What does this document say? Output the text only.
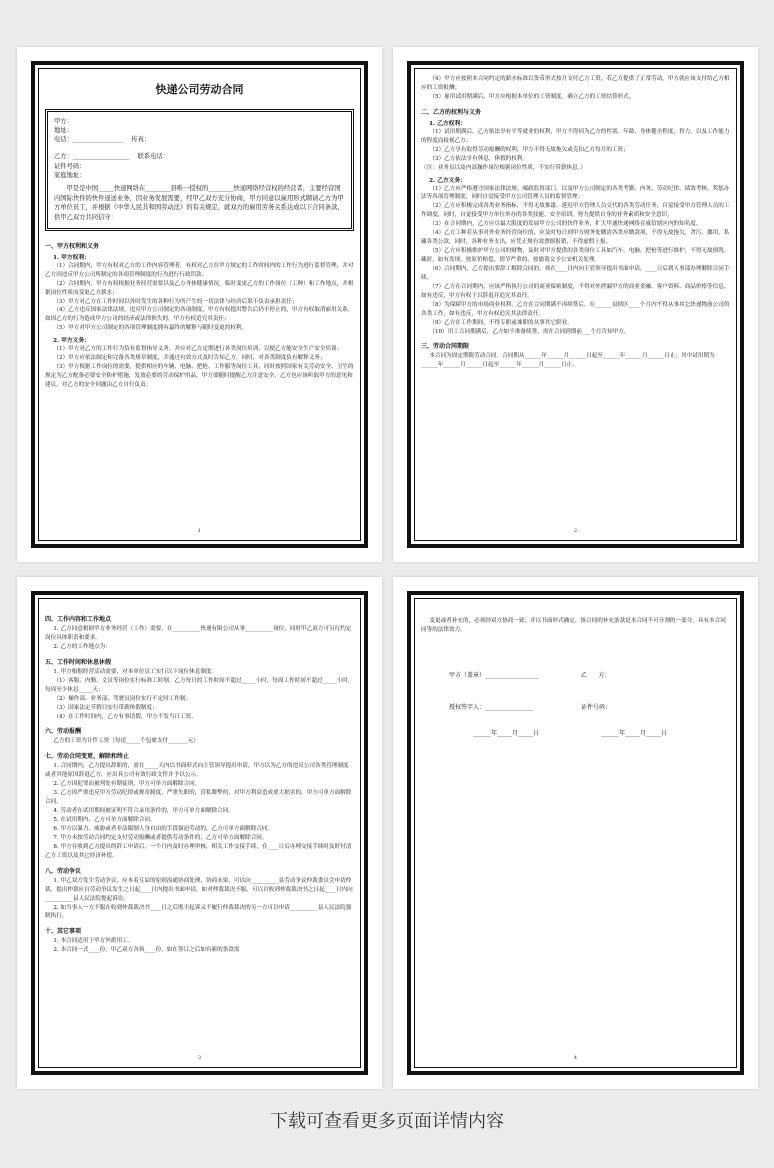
快递公司劳动合同
甲方：
地址：
电话：________________    传真：
乙方：__________________    联系电话：
证件号码：
家庭地址：
甲是是中国_____快递网络在________县唯一授权的________快递网络经营权的经营者，主要经营国内国际快件的快件递送业务，因业务发展需要，经甲乙双方充分协商，甲方同意以雇用形式聘请乙方为甲方单位员工，并根据《中华人民共和国劳动法》的有关规定，就双方的雇用劳务关系达成以下合同条款，供甲乙双方共同信守：
一、甲方权利和义务
1. 甲方权利：

（1）合同期内，甲方有权对乙方的工作内容管理者，有权对乙方在甲方规定的工作时间内的工作行为进行监督管理，并对乙方因违反甲方公司所制定的各项管理制度的行为进行行政罚款；

（2）合同期内，甲方有权根据业务经营需要以及乙方身体健康情况，临时变更乙方的工作岗位（工种）和工作地点，并根据岗位性质而变更乙方薪水；

（3）甲方对乙方在工作时间以外时发生的各种行为所产生的一切法律与经济后果不负责承担责任；

（4）乙方违反国家法律法规，违反甲方公司制定的各项制度，甲方有权提出警告后仍不停止的，甲方有权取消雇用关系，如因乙方的行为造成甲方公司的经济或法律损失的，甲方有权追究其责任；

（5）甲方对甲方公司制定的各项管理制度拥有最终的解释与随时变更的权利。

2. 甲方义务：

（1）甲方对乙方的工作行为负有监督指导义务，并应对乙方定期进行各类岗位培训，以便乙方能安全生产安全培训；

（2）甲方应依法制定和完备各类规章制度，并通过有效方式及时告知乙方，同时，对各类制度负有解释义务；

（3）甲方根据工作岗位的需要，提供相应的车辆、电脑、把枪、工作服等岗位工具，同时按照国家有关劳动安全、卫生的规定为乙方配备必要安全防护措施，发放必要的劳动保护用品，甲方要随时提醒乙方注意安全，乙方也应该听取甲方的意见和建议，对乙方的安全问题由乙方自行负责；

1

（4）甲方应按照本合同约定的薪水标准以货币形式按月支付乙方工资，若乙方提供了正常劳动，甲方就应该支付给乙方相应的工资报酬；

（5）雇用试用期满后，甲方应根据本单位的工资制度，确立乙方的工资结算形式。

二、乙方的权利与义务
1. 乙方权利：

（1）试用期满后，乙方依法享有平等就业的权利，甲方不得因为乙方的性别、年龄、身体健全程度、智力，以及工作能力的程度而歧视乙方；

（2）乙方享有取得劳动报酬的权利，甲方不得无故拖欠或克扣乙方每月的工资；

（3）乙方依法享有休息，休假的权利。

（注：业务员以及内部操作岗位根据岗位性质，不实行带薪休息。）

2. 乙方义务：

（1）乙方应严格遵守国家法律法规、邮政监督部门，以及甲方公司制定的各类考勤、内务、劳动纪律、绩效考核、奖惩办法等各项管理制度，同时自觉接受甲方公司管理人员的监督管理；

（2）乙方应积极完成各类业务指标，不得无故推诿、延迟甲方管理人员交代的各类劳动任务，自觉接受甲方管理人员的工作调度，同时，自觉接受甲方单位举办的各类技能、安全培训，努力提供自身的业务素质和安全意识。

（3）在合同期内，乙方应尽最大限度的发展甲方公司的快件业务，扩大甲通快递网络在威信辖区内的知名度。

（4）乙方工种若从事对外业务经营岗位的，应及时每日到甲方财务处缴清各类应缴款项，不得无故拖欠，贪污，挪用，私藏各类公款，同时，各种业务支出，应凭正规有效票据报销，不得虚假上报。

（5）乙方应积极维护甲方公司的财物，及时对甲方提供的各类岗位工具如汽车、电脑、把枪等进行维护，不得无故损毁，藏匿，如有发现，按原价赔偿，情节严重的，按偷盗交予公安机关处理。

（6）合同期内，乙方提出要辞工解除合同的，须在____日内向主管领导提出书面申请，____日后到人事部办理解除合同手续。

（7）乙方在合同期内，应该严格执行公司的商业保密制度，不得对外泄漏甲方的商业金融、客户资料、商品价格等信息，如有违反，甲方有权于以辞退并追究其责任。

（8）为保障甲方的市场商业权利，乙方在合同期满不再续签后，在______县辖区____个月内不得从事其它快递物流公司的各类工作，如有违反，甲方有权追究其法律责任。

（9）乙方在工作期间，不得专职或兼职的从事其它职业。

（10）用工合同期满后，乙方如不准备续签，需在合同到期前___个月告知甲方。

三、劳动合同期限

本合同为固定期限劳动合同。合同期从______年______月______日起至______年______月______日止；其中试用期为______年______月______日起至______年______月______日止。

2
四、工作内容和工作地点

1. 乙方同意根据甲方业务经营（工作）需要，在__________快递有限公司从事__________岗位，同时甲乙双方可另行约定岗位具体职责和要求。

2. 乙方的工作地点为：

五、工作时间和休息休假

1. 甲方根据经营活动需要，对本单位员工实行以下岗位休息制度：

（1）客服、内勤、文员等岗位实行标准工时制。乙方每日的工作时间不超过_____小时，每周工作时间不超过_____小时，每周至少休息_____天；

（2）操作部、业务部、驾驶员岗位实行不定时工作制；

（3）国家法定节假日实行带薪休假制度；

（4）在工作时间内，乙方有事请假，甲方不发当日工资。

六、劳动报酬

乙方的工资为计件工资（每送_____个包裹支付_______元）

七、劳动合同变更、解除和终止

1. 合同期内，乙方提出辞职的，需在_____天内以书面形式向主管领导提出申请，甲方以为乙方的违反公司各类管理制度或者其他原因辞退乙方，应出具公司有效行政文件并予以公示。

2. 乙方因犯罪而被判处有期徒刑，甲方可单方面解除合同。

3. 乙方因严重违反甲方劳动纪律或规章制度，严重失职的，营私舞弊的，对甲方利益造成重大损害的，甲方可单方面解除合同。

4. 劳动者在试用期间被证明不符合录用条件的，甲方可单方面解除合同。

5. 在试用期内，乙方可单方面解除合同。

6. 甲方以暴力、威胁或者非法限制人身自由的手段强迫劳动的，乙方可单方面解除合同。

7. 甲方未按劳动合同约定支付劳动报酬或者提供劳动条件的，乙方可单方面解除合同。

8. 甲方在收到乙方提出的辞工申请后，一个月内及时办理审核，相关工作交接手续，在____日后办理交接手续时及时付清乙方工资以及其它经济补偿。

八、劳动争议

1. 甲乙双方发生劳动争议，应本着互谅的原则沟通协商处理，协商未果，可以向__________县劳动争议仲裁委员会申请仲裁，提出仲裁应自劳动争议发生之日起____日内提出书面申请。如对仲裁裁决不服，可以自收到仲裁裁决书之日起____日内向__________县人民法院提起诉讼。

2. 如当事人一方不服在收到仲裁裁决书____日之后既不起诉又不履行仲裁裁决的另一方可以申请__________县人民法院强制执行。

十、其它事项

1. 本合同适用于甲方外派用工。

2. 本合同一式____份，甲乙双方各执____份，如在签订之后如有新的条款需

3

变更或者补充的，必须经双方协商一致，并以书面形式确定，该合同的补充条款是本合同不可分割的一部分，具有本合同同等的法律效力。

甲方（盖章）__________________	乙      方：
授权签字人：________________	证件号码：
______年_____月_____日	______年_____月_____日
4
下载可查看更多页面详情内容
